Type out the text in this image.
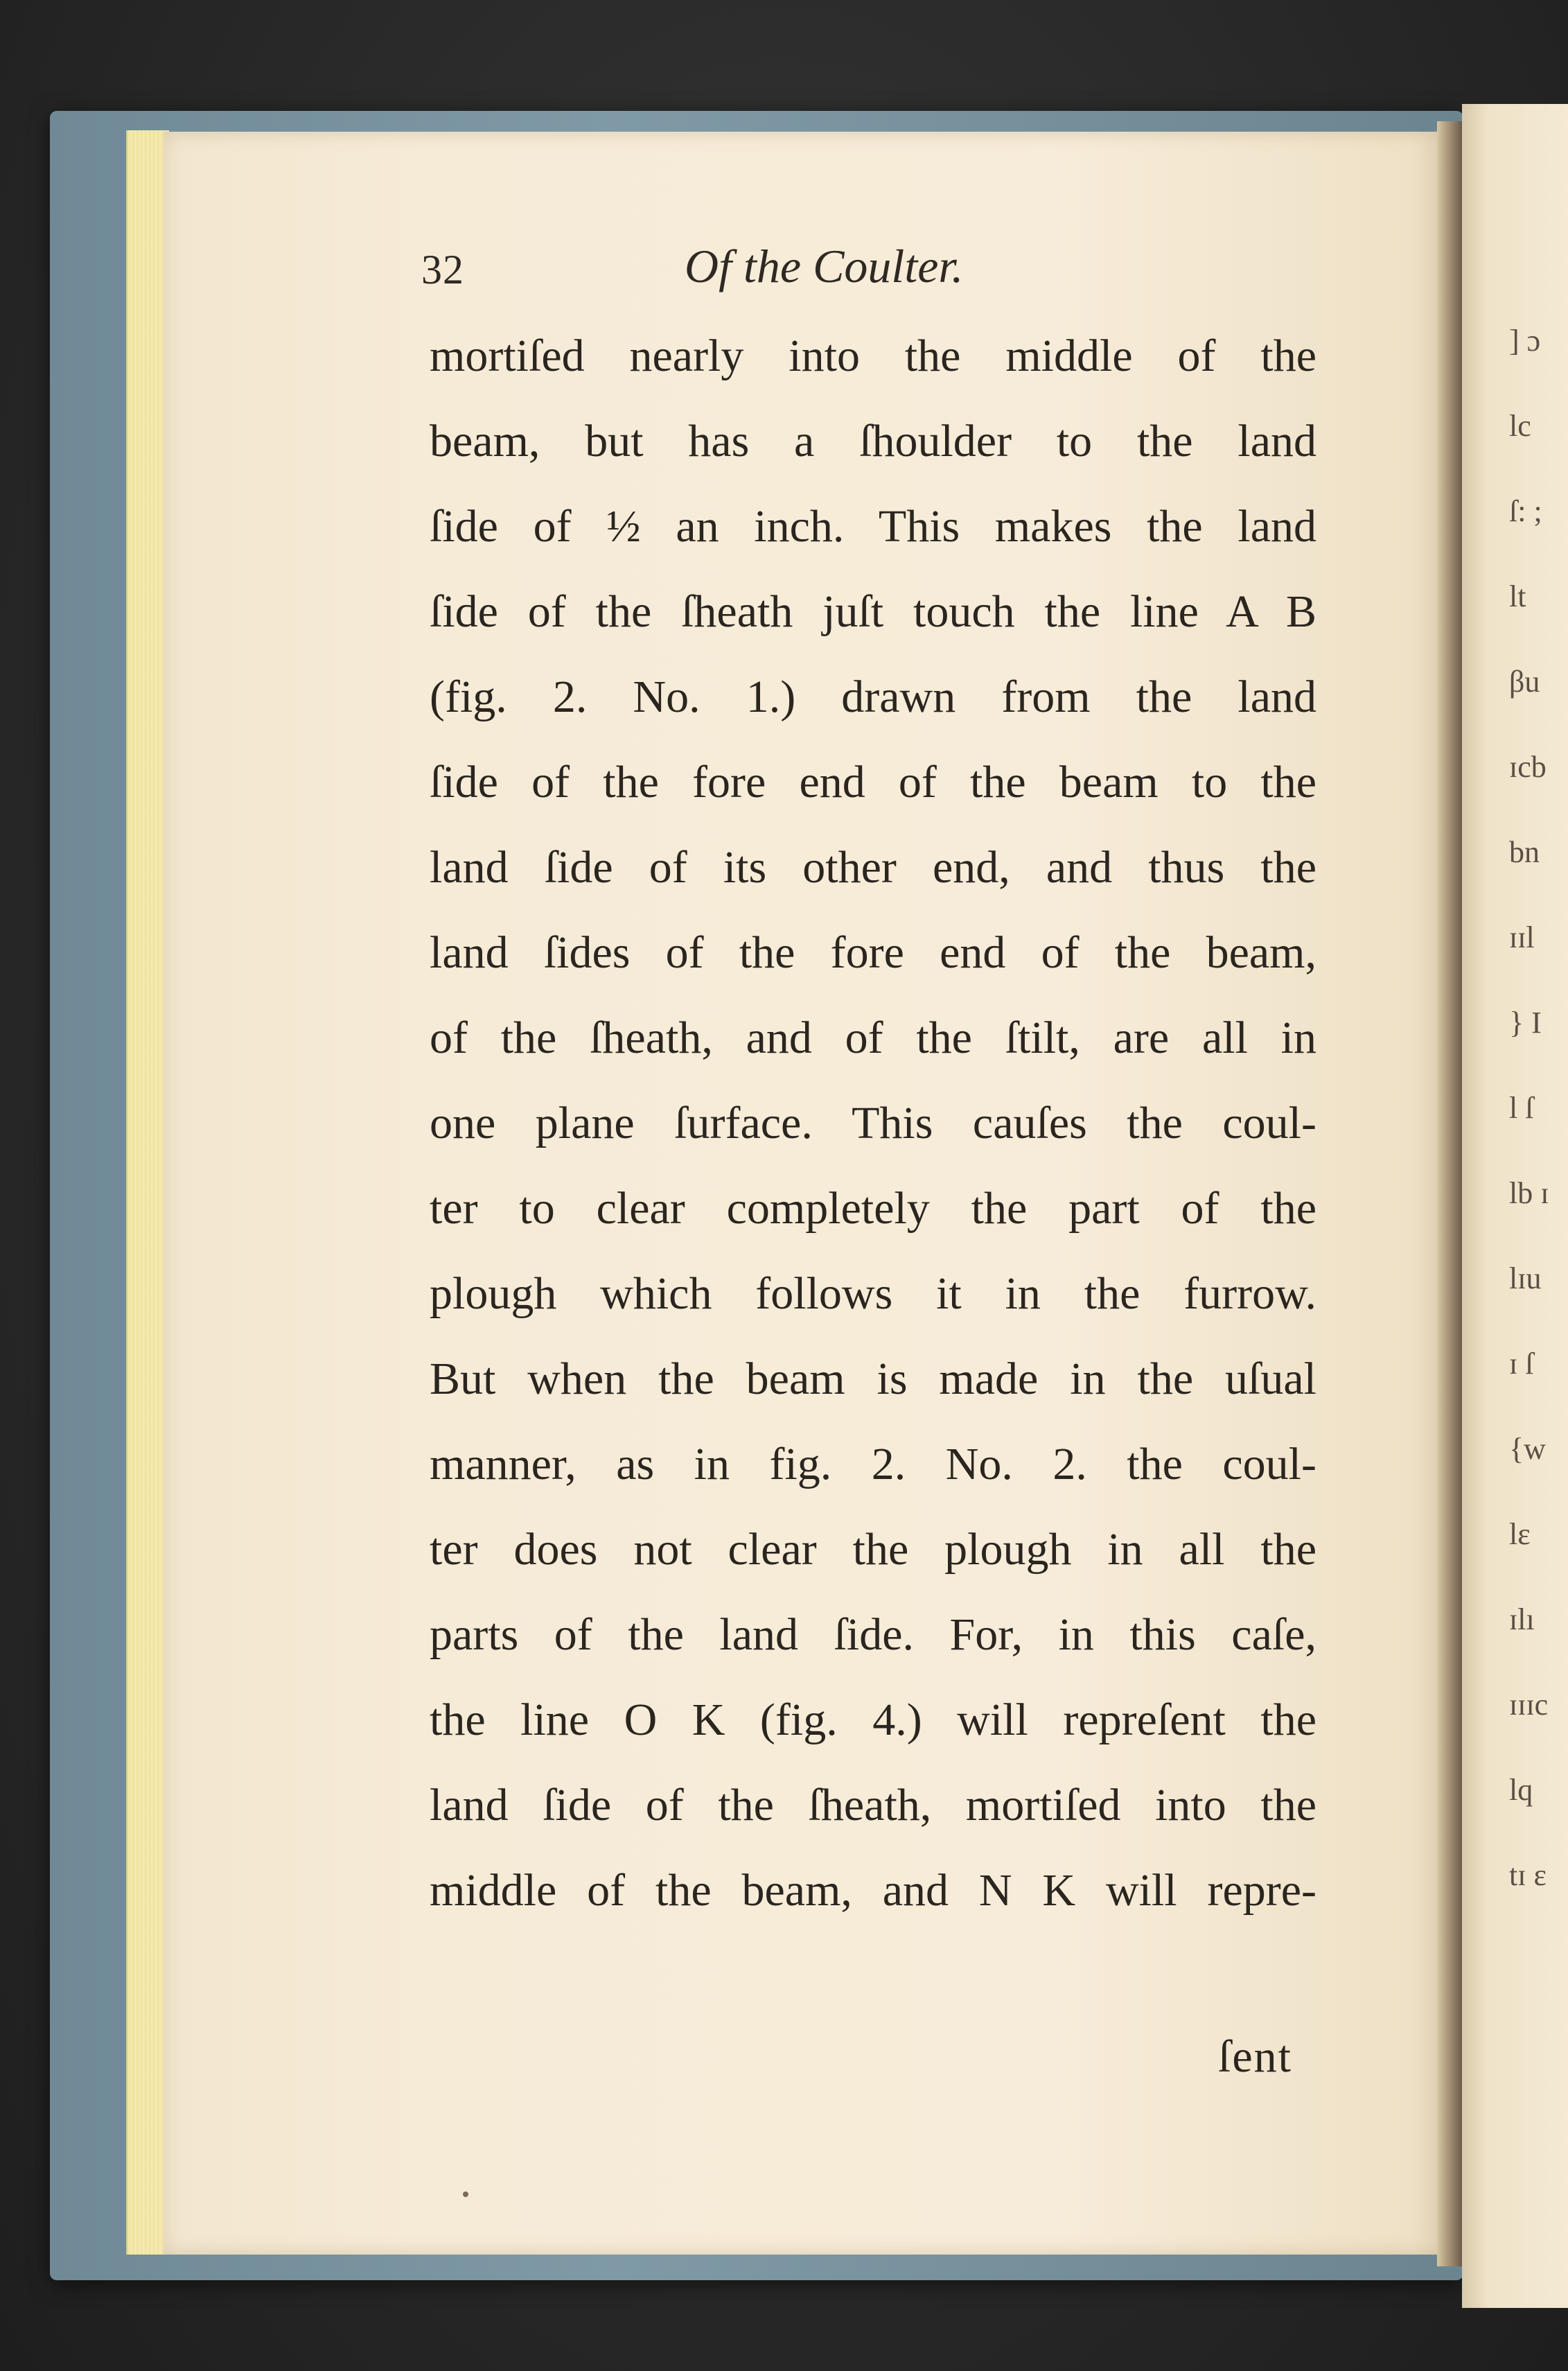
] ɔ
lc
ſ: ;
lt
βu
ɪcb
bn
ɪɪl
} I
l ſ
lb ɪ
lɪu
ɪ ſ
{w
lɛ
ɪlı
ɪɪɪc
lq
tɪ ε
32	Of the Coulter.
mortiſed nearly into the middle of the
beam, but has a ſhoulder to the land
ſide of ½ an inch. This makes the land
ſide of the ſheath juſt touch the line A B
(fig. 2. No. 1.) drawn from the land
ſide of the fore end of the beam to the
land ſide of its other end, and thus the
land ſides of the fore end of the beam,
of the ſheath, and of the ſtilt, are all in
one plane ſurface. This cauſes the coul-
ter to clear completely the part of the
plough which follows it in the furrow.
But when the beam is made in the uſual
manner, as in fig. 2. No. 2. the coul-
ter does not clear the plough in all the
parts of the land ſide. For, in this caſe,
the line O K (fig. 4.) will repreſent the
land ſide of the ſheath, mortiſed into the
middle of the beam, and N K will repre-
ſent
